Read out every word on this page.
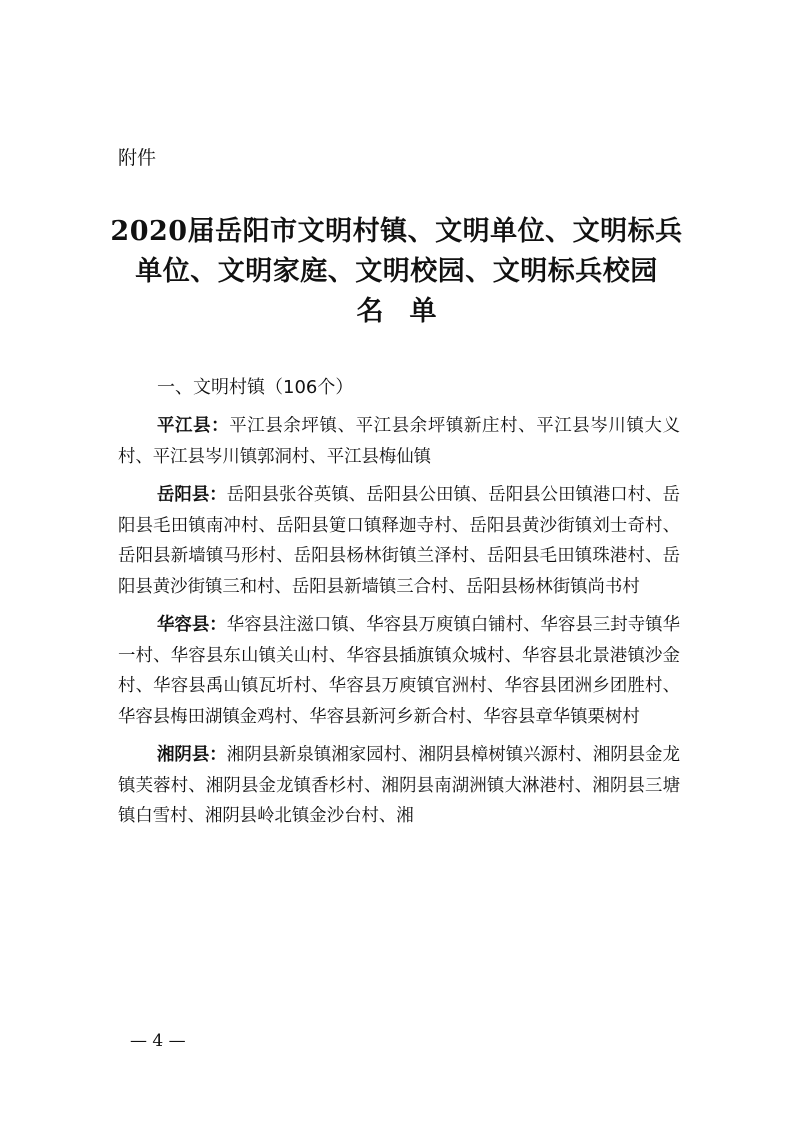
附件
2020届岳阳市文明村镇、文明单位、文明标兵
单位、文明家庭、文明校园、文明标兵校园
名单
一、文明村镇（106个）

平江县：平江县余坪镇、平江县余坪镇新庄村、平江县岑川镇大义村、平江县岑川镇郭洞村、平江县梅仙镇

岳阳县：岳阳县张谷英镇、岳阳县公田镇、岳阳县公田镇港口村、岳阳县毛田镇南冲村、岳阳县筻口镇释迦寺村、岳阳县黄沙街镇刘士奇村、岳阳县新墙镇马形村、岳阳县杨林街镇兰泽村、岳阳县毛田镇珠港村、岳阳县黄沙街镇三和村、岳阳县新墙镇三合村、岳阳县杨林街镇尚书村

华容县：华容县注滋口镇、华容县万庾镇白铺村、华容县三封寺镇华一村、华容县东山镇关山村、华容县插旗镇众城村、华容县北景港镇沙金村、华容县禹山镇瓦圻村、华容县万庾镇官洲村、华容县团洲乡团胜村、华容县梅田湖镇金鸡村、华容县新河乡新合村、华容县章华镇栗树村

湘阴县：湘阴县新泉镇湘家园村、湘阴县樟树镇兴源村、湘阴县金龙镇芙蓉村、湘阴县金龙镇香杉村、湘阴县南湖洲镇大淋港村、湘阴县三塘镇白雪村、湘阴县岭北镇金沙台村、湘

— 4 —
